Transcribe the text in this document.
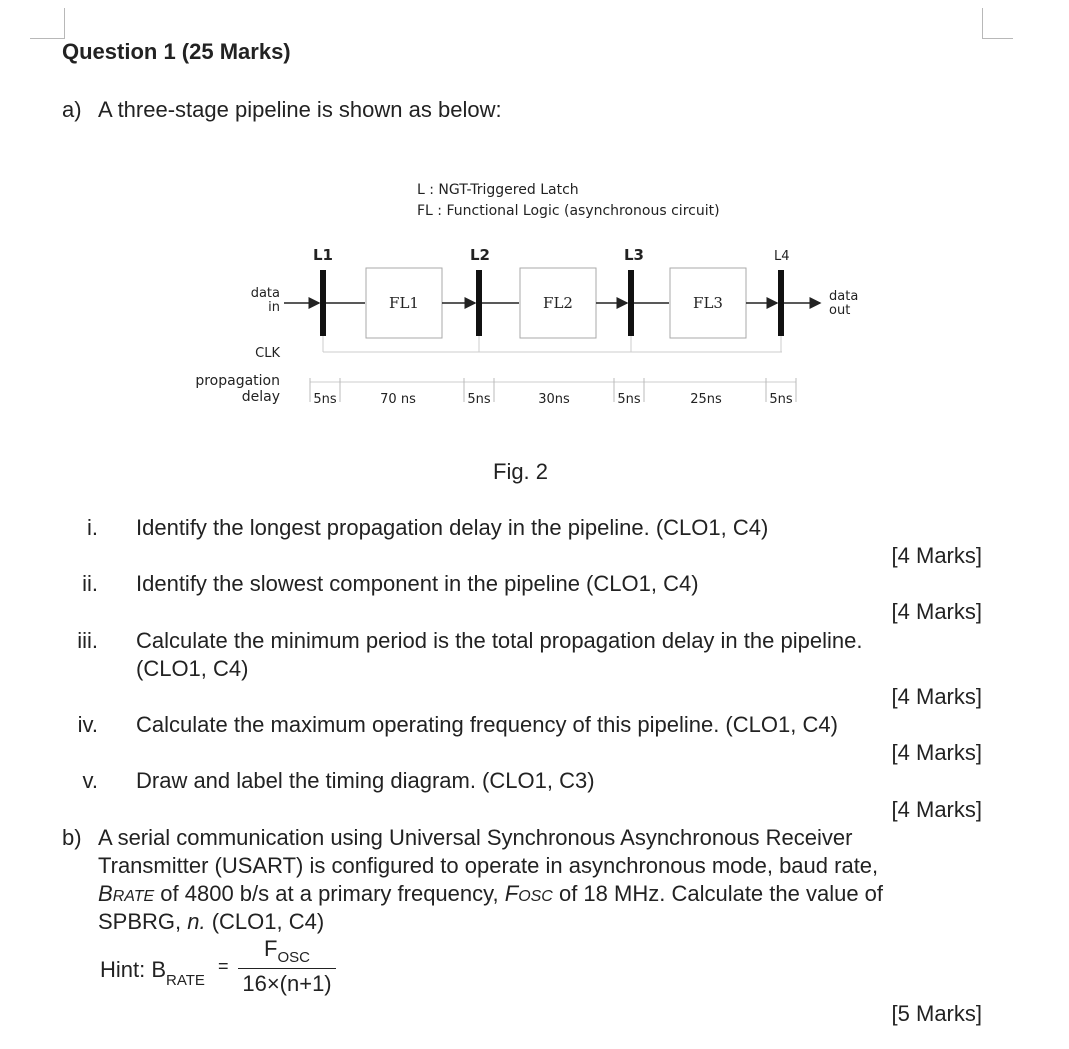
Question 1 (25 Marks)
a) A three-stage pipeline is shown as below:
L : NGT-Triggered Latch
FL : Functional Logic (asynchronous circuit)
L1	L2	L3	L4
FL1	FL2	FL3
data
in
data
out
CLK
propagation
delay	5ns	70 ns	5ns	30ns	5ns	25ns	5ns
Fig. 2
i. Identify the longest propagation delay in the pipeline. (CLO1, C4)
[4 Marks]
ii. Identify the slowest component in the pipeline (CLO1, C4)
[4 Marks]
iii. Calculate the minimum period is the total propagation delay in the pipeline.
(CLO1, C4)
[4 Marks]
iv. Calculate the maximum operating frequency of this pipeline. (CLO1, C4)
[4 Marks]
v. Draw and label the timing diagram. (CLO1, C3)
[4 Marks]
b) A serial communication using Universal Synchronous Asynchronous Receiver
Transmitter (USART) is configured to operate in asynchronous mode, baud rate,
BRATE of 4800 b/s at a primary frequency, FOSC of 18 MHz. Calculate the value of
SPBRG, n. (CLO1, C4)
Hint: $B_{RATE}$
=
$F_{OSC}$
16×(n+1)
[5 Marks]
